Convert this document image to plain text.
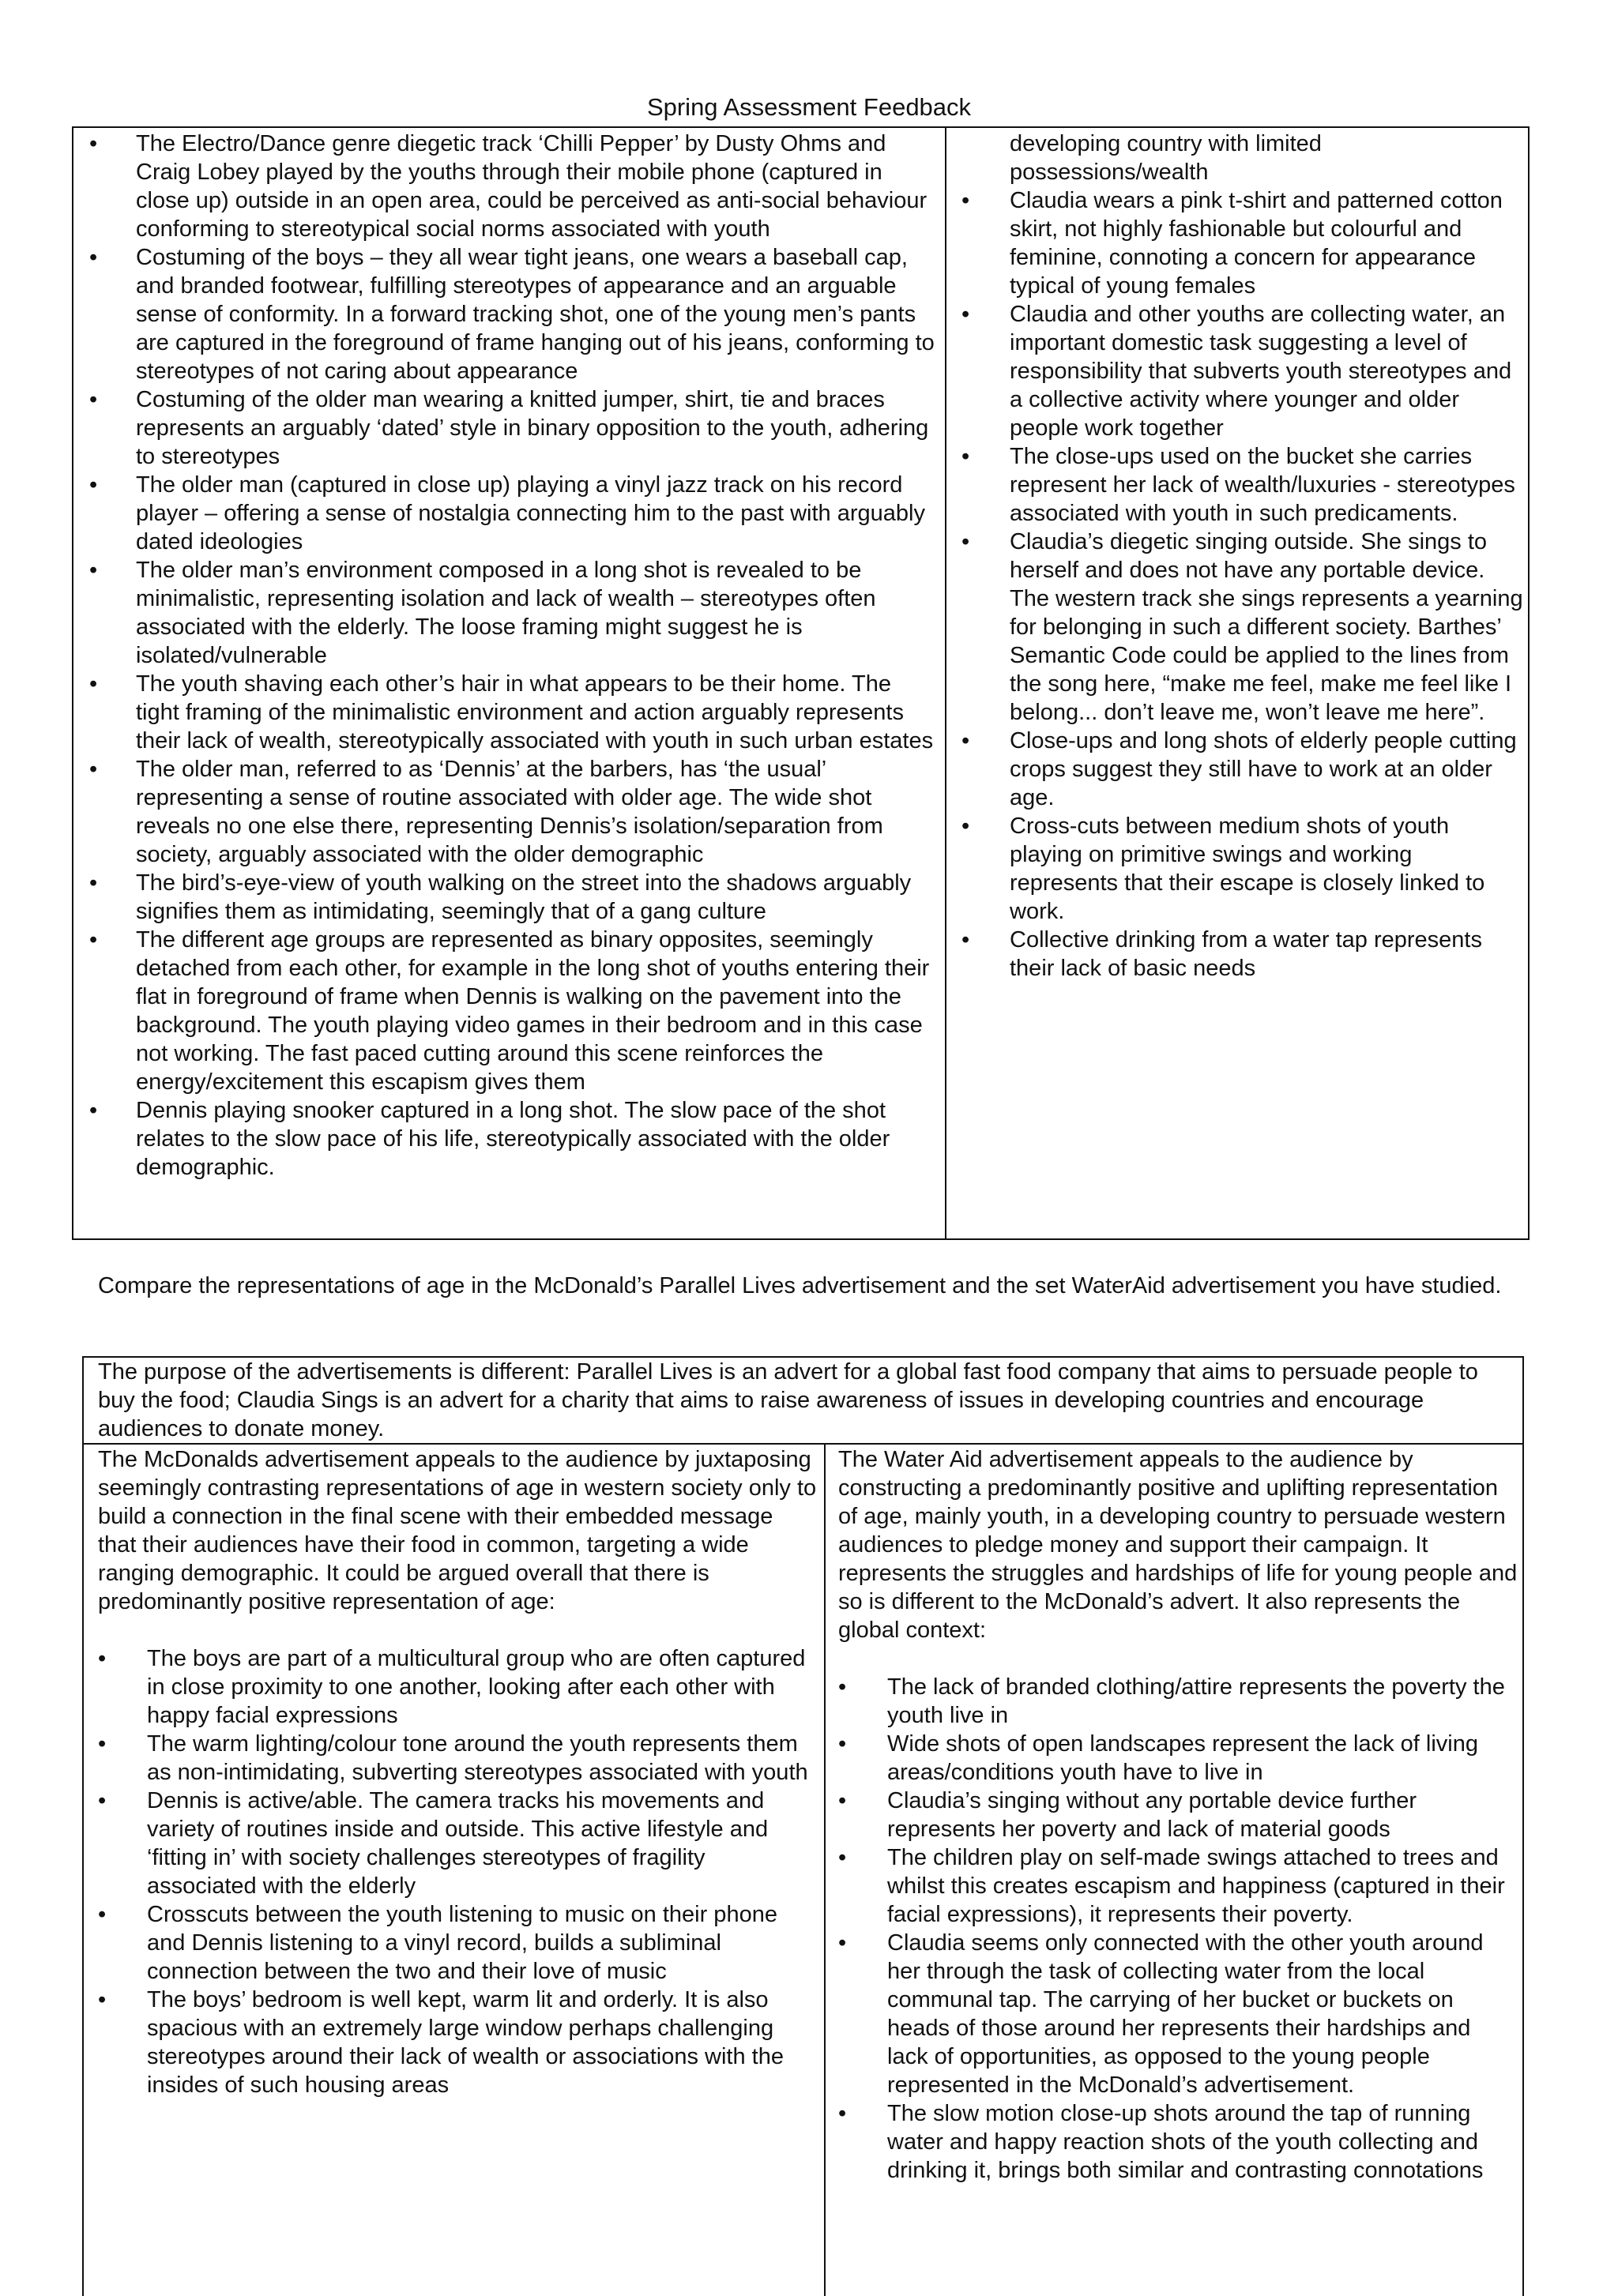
Spring Assessment Feedback
• The Electro/Dance genre diegetic track ‘Chilli Pepper’ by Dusty Ohms and Craig Lobey played by the youths through their mobile phone (captured in close up) outside in an open area, could be perceived as anti-social behaviour conforming to stereotypical social norms associated with youth
• Costuming of the boys – they all wear tight jeans, one wears a baseball cap, and branded footwear, fulfilling stereotypes of appearance and an arguable sense of conformity. In a forward tracking shot, one of the young men’s pants are captured in the foreground of frame hanging out of his jeans, conforming to stereotypes of not caring about appearance
• Costuming of the older man wearing a knitted jumper, shirt, tie and braces represents an arguably ‘dated’ style in binary opposition to the youth, adhering to stereotypes
• The older man (captured in close up) playing a vinyl jazz track on his record player – offering a sense of nostalgia connecting him to the past with arguably dated ideologies
• The older man’s environment composed in a long shot is revealed to be minimalistic, representing isolation and lack of wealth – stereotypes often associated with the elderly. The loose framing might suggest he is isolated/vulnerable
• The youth shaving each other’s hair in what appears to be their home. The tight framing of the minimalistic environment and action arguably represents their lack of wealth, stereotypically associated with youth in such urban estates
• The older man, referred to as ‘Dennis’ at the barbers, has ‘the usual’ representing a sense of routine associated with older age. The wide shot reveals no one else there, representing Dennis’s isolation/separation from society, arguably associated with the older demographic
• The bird’s-eye-view of youth walking on the street into the shadows arguably signifies them as intimidating, seemingly that of a gang culture
• The different age groups are represented as binary opposites, seemingly detached from each other, for example in the long shot of youths entering their flat in foreground of frame when Dennis is walking on the pavement into the background. The youth playing video games in their bedroom and in this case not working. The fast paced cutting around this scene reinforces the energy/excitement this escapism gives them
• Dennis playing snooker captured in a long shot. The slow pace of the shot relates to the slow pace of his life, stereotypically associated with the older demographic.
developing country with limited possessions/wealth
• Claudia wears a pink t-shirt and patterned cotton skirt, not highly fashionable but colourful and feminine, connoting a concern for appearance typical of young females
• Claudia and other youths are collecting water, an important domestic task suggesting a level of responsibility that subverts youth stereotypes and a collective activity where younger and older people work together
• The close-ups used on the bucket she carries represent her lack of wealth/luxuries - stereotypes associated with youth in such predicaments.
• Claudia’s diegetic singing outside. She sings to herself and does not have any portable device. The western track she sings represents a yearning for belonging in such a different society. Barthes’ Semantic Code could be applied to the lines from the song here, “make me feel, make me feel like I belong... don’t leave me, won’t leave me here”.
• Close-ups and long shots of elderly people cutting crops suggest they still have to work at an older age.
• Cross-cuts between medium shots of youth playing on primitive swings and working represents that their escape is closely linked to work.
• Collective drinking from a water tap represents their lack of basic needs
Compare the representations of age in the McDonald’s Parallel Lives advertisement and the set WaterAid advertisement you have studied.
The purpose of the advertisements is different: Parallel Lives is an advert for a global fast food company that aims to persuade people to buy the food; Claudia Sings is an advert for a charity that aims to raise awareness of issues in developing countries and encourage audiences to donate money.
The McDonalds advertisement appeals to the audience by juxtaposing seemingly contrasting representations of age in western society only to build a connection in the final scene with their embedded message that their audiences have their food in common, targeting a wide ranging demographic. It could be argued overall that there is predominantly positive representation of age:
• The boys are part of a multicultural group who are often captured in close proximity to one another, looking after each other with happy facial expressions
• The warm lighting/colour tone around the youth represents them as non-intimidating, subverting stereotypes associated with youth
• Dennis is active/able. The camera tracks his movements and variety of routines inside and outside. This active lifestyle and ‘fitting in’ with society challenges stereotypes of fragility associated with the elderly
• Crosscuts between the youth listening to music on their phone and Dennis listening to a vinyl record, builds a subliminal connection between the two and their love of music
• The boys’ bedroom is well kept, warm lit and orderly. It is also spacious with an extremely large window perhaps challenging stereotypes around their lack of wealth or associations with the insides of such housing areas
The Water Aid advertisement appeals to the audience by constructing a predominantly positive and uplifting representation of age, mainly youth, in a developing country to persuade western audiences to pledge money and support their campaign. It represents the struggles and hardships of life for young people and so is different to the McDonald’s advert. It also represents the global context:
• The lack of branded clothing/attire represents the poverty the youth live in
• Wide shots of open landscapes represent the lack of living areas/conditions youth have to live in
• Claudia’s singing without any portable device further represents her poverty and lack of material goods
• The children play on self-made swings attached to trees and whilst this creates escapism and happiness (captured in their facial expressions), it represents their poverty.
• Claudia seems only connected with the other youth around her through the task of collecting water from the local communal tap. The carrying of her bucket or buckets on heads of those around her represents their hardships and lack of opportunities, as opposed to the young people represented in the McDonald’s advertisement.
• The slow motion close-up shots around the tap of running water and happy reaction shots of the youth collecting and drinking it, brings both similar and contrasting connotations
